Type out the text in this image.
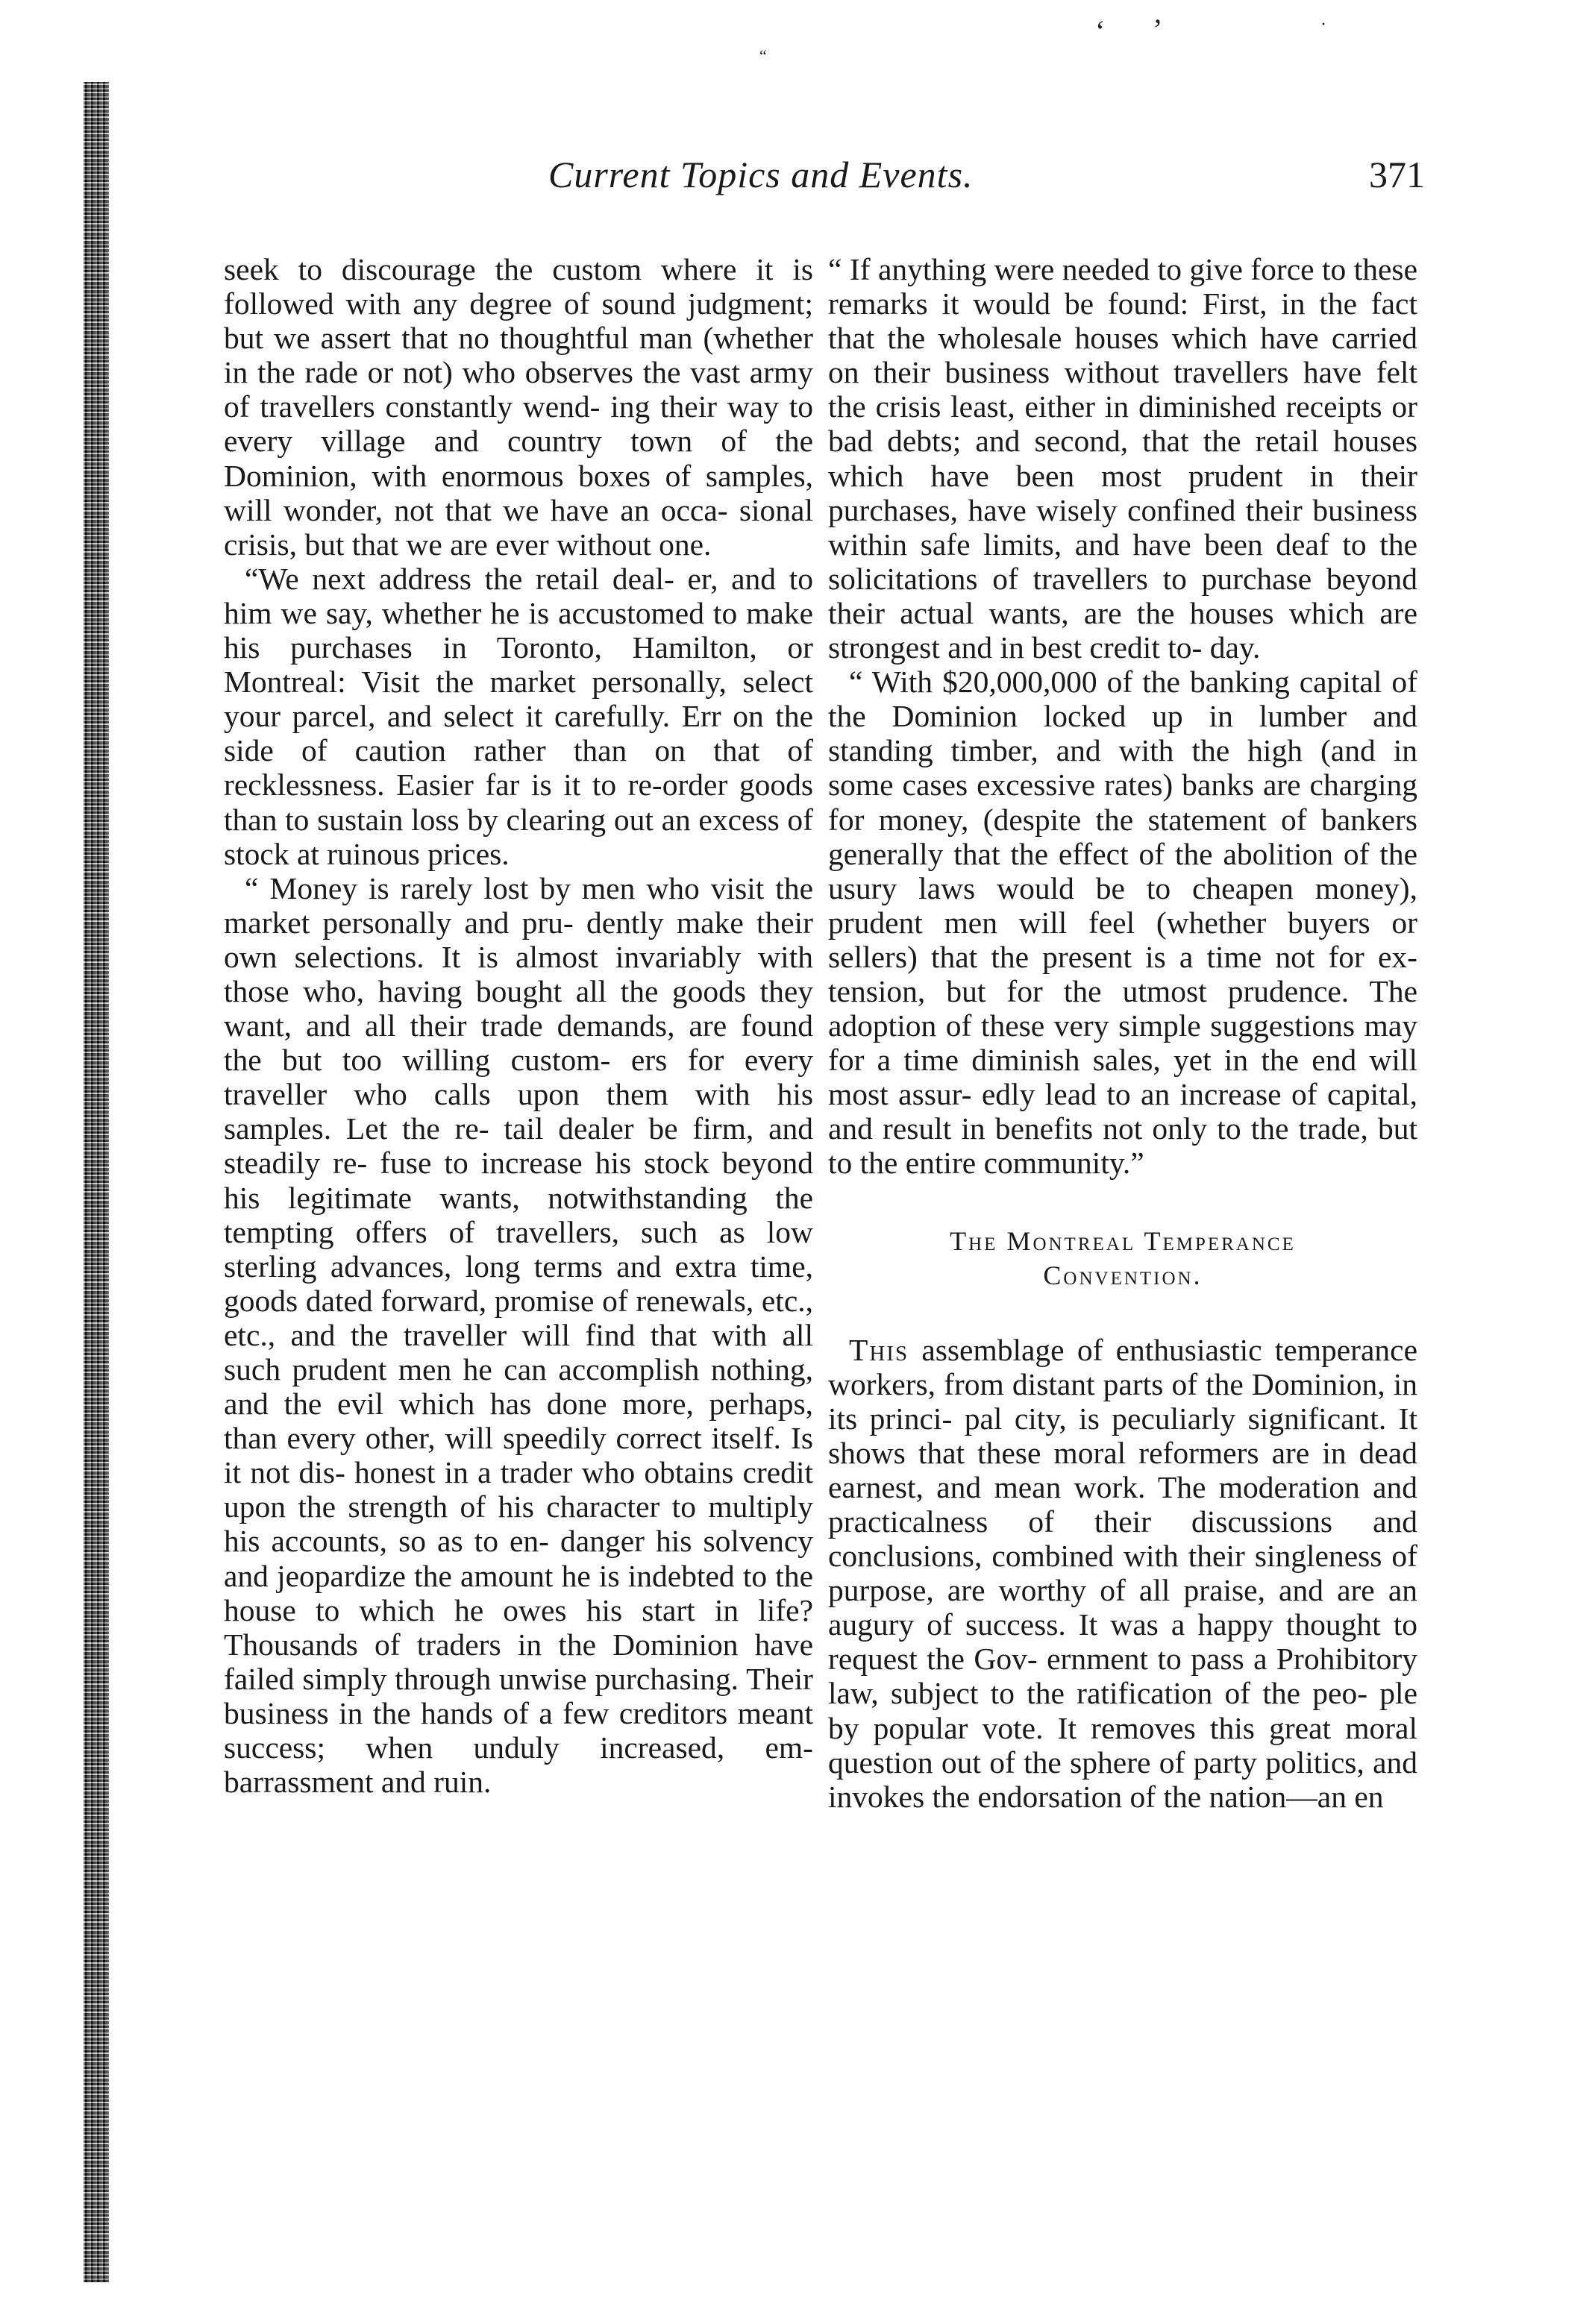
‘ ’	·
“
Current Topics and Events.	371

seek to discourage the custom where it is followed with any degree of sound judgment; but we assert that no thoughtful man (whether in the rade or not) who observes the vast army of travellers constantly wend- ing their way to every village and country town of the Dominion, with enormous boxes of samples, will wonder, not that we have an occa- sional crisis, but that we are ever without one.

“We next address the retail deal- er, and to him we say, whether he is accustomed to make his purchases in Toronto, Hamilton, or Montreal: Visit the market personally, select your parcel, and select it carefully. Err on the side of caution rather than on that of recklessness. Easier far is it to re-order goods than to sustain loss by clearing out an excess of stock at ruinous prices.

“ Money is rarely lost by men who visit the market personally and pru- dently make their own selections. It is almost invariably with those who, having bought all the goods they want, and all their trade demands, are found the but too willing custom- ers for every traveller who calls upon them with his samples. Let the re- tail dealer be firm, and steadily re- fuse to increase his stock beyond his legitimate wants, notwithstanding the tempting offers of travellers, such as low sterling advances, long terms and extra time, goods dated forward, promise of renewals, etc., etc., and the traveller will find that with all such prudent men he can accomplish nothing, and the evil which has done more, perhaps, than every other, will speedily correct itself. Is it not dis- honest in a trader who obtains credit upon the strength of his character to multiply his accounts, so as to en- danger his solvency and jeopardize the amount he is indebted to the house to which he owes his start in life? Thousands of traders in the Dominion have failed simply through unwise purchasing. Their business in the hands of a few creditors meant success; when unduly increased, em- barrassment and ruin.

“ If anything were needed to give force to these remarks it would be found: First, in the fact that the wholesale houses which have carried on their business without travellers have felt the crisis least, either in diminished receipts or bad debts; and second, that the retail houses which have been most prudent in their purchases, have wisely confined their business within safe limits, and have been deaf to the solicitations of travellers to purchase beyond their actual wants, are the houses which are strongest and in best credit to- day.

“ With $20,000,000 of the banking capital of the Dominion locked up in lumber and standing timber, and with the high (and in some cases excessive rates) banks are charging for money, (despite the statement of bankers generally that the effect of the abolition of the usury laws would be to cheapen money), prudent men will feel (whether buyers or sellers) that the present is a time not for ex- tension, but for the utmost prudence. The adoption of these very simple suggestions may for a time diminish sales, yet in the end will most assur- edly lead to an increase of capital, and result in benefits not only to the trade, but to the entire community.”

The Montreal Temperance
Convention.

This assemblage of enthusiastic temperance workers, from distant parts of the Dominion, in its princi- pal city, is peculiarly significant. It shows that these moral reformers are in dead earnest, and mean work. The moderation and practicalness of their discussions and conclusions, combined with their singleness of purpose, are worthy of all praise, and are an augury of success. It was a happy thought to request the Gov- ernment to pass a Prohibitory law, subject to the ratification of the peo- ple by popular vote. It removes this great moral question out of the sphere of party politics, and invokes the endorsation of the nation—an en
